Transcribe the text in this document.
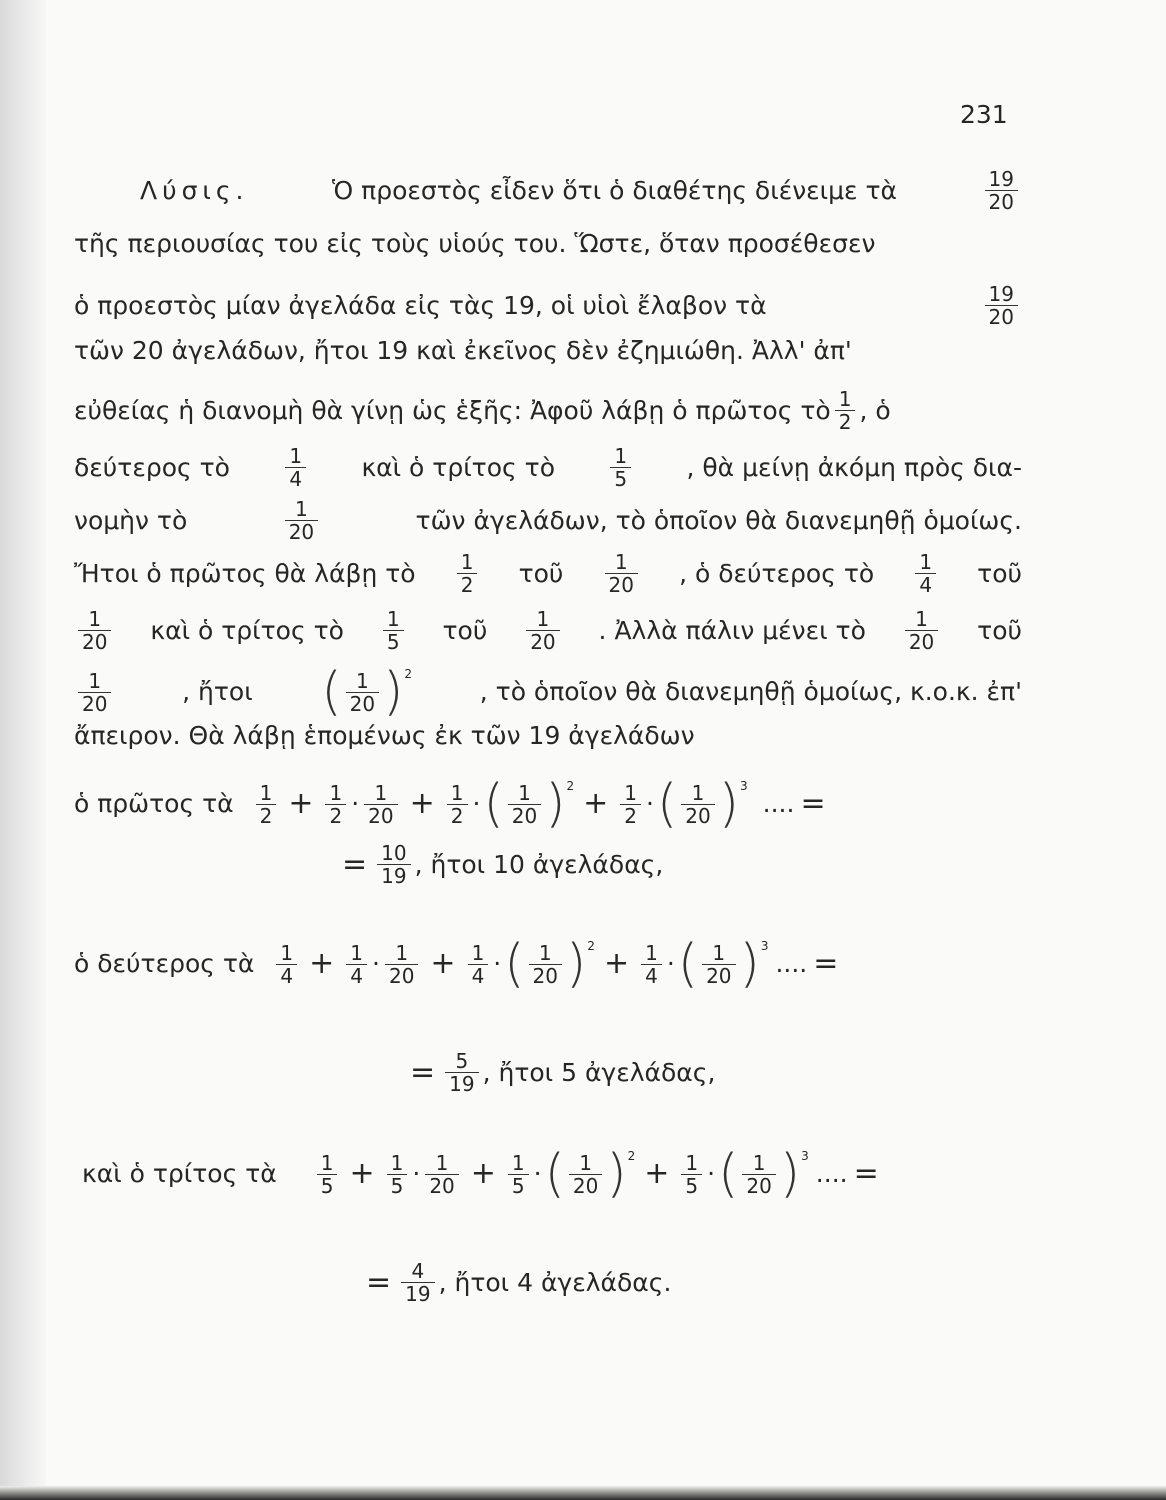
231
Λύσις.	Ὁ προεστὸς εἶδεν ὅτι ὁ διαθέτης διένειμε τὰ	$\frac{19}{20}$
τῆς περιουσίας του εἰς τοὺς υἱούς του. Ὥστε, ὅταν προσέθεσεν
ὁ προεστὸς μίαν ἀγελάδα εἰς τὰς 19, οἱ υἱοὶ ἔλαβον τὰ	$\frac{19}{20}$
τῶν 20 ἀγελάδων, ἤτοι 19 καὶ ἐκεῖνος δὲν ἐζημιώθη. Ἀλλ' ἀπ'
εὐθείας ἡ διανομὴ θὰ γίνῃ ὡς ἑξῆς: Ἀφοῦ λάβῃ ὁ πρῶτος τὸ $\frac{1}{2}$ , ὁ
δεύτερος τὸ	$\frac{1}{4}$ καὶ ὁ τρίτος τὸ	$\frac{1}{5}$ , θὰ μείνῃ ἀκόμη πρὸς δια-
νομὴν τὸ	$\frac{1}{20}$	τῶν ἀγελάδων, τὸ ὁποῖον θὰ διανεμηθῇ ὁμοίως.
Ἤτοι ὁ πρῶτος θὰ λάβῃ τὸ $\frac{1}{2}$ τοῦ $\frac{1}{20}$ , ὁ δεύτερος τὸ $\frac{1}{4}$ τοῦ
$\frac{1}{20}$ καὶ ὁ τρίτος τὸ $\frac{1}{5}$ τοῦ $\frac{1}{20}$ . Ἀλλὰ πάλιν μένει τὸ $\frac{1}{20}$ τοῦ
$\frac{1}{20}$	, ἤτοι ( $\frac{1}{20} )^2$
, τὸ ὁποῖον θὰ διανεμηθῇ ὁμοίως, κ.ο.κ. ἐπ'
ἄπειρον. Θὰ λάβῃ ἑπομένως ἐκ τῶν 19 ἀγελάδων
ὁ πρῶτος τὰ $\frac{1}{2} + \frac{1}{2} \cdot \frac{1}{20} + \frac{1}{2}$ · ( $\frac{1}{20} )^2 + \frac{1}{2}$ · ( $\frac{1}{20} )^3$
.... =
= $\frac{10}{19}$ , ἤτοι 10 ἀγελάδας,
ὁ δεύτερος τὰ $\frac{1}{4} + \frac{1}{4} \cdot \frac{1}{20} + \frac{1}{4}$ · ( $\frac{1}{20} )^2 + \frac{1}{4}$ · ( $\frac{1}{20} )^3$
.... =
= $\frac{5}{19}$ , ἤτοι 5 ἀγελάδας,
καὶ ὁ τρίτος τὰ $\frac{1}{5} + \frac{1}{5} \cdot \frac{1}{20} + \frac{1}{5}$ · ( $\frac{1}{20} )^2 + \frac{1}{5}$ · ( $\frac{1}{20} )^3$
.... =
= $\frac{4}{19}$ , ἤτοι 4 ἀγελάδας.
